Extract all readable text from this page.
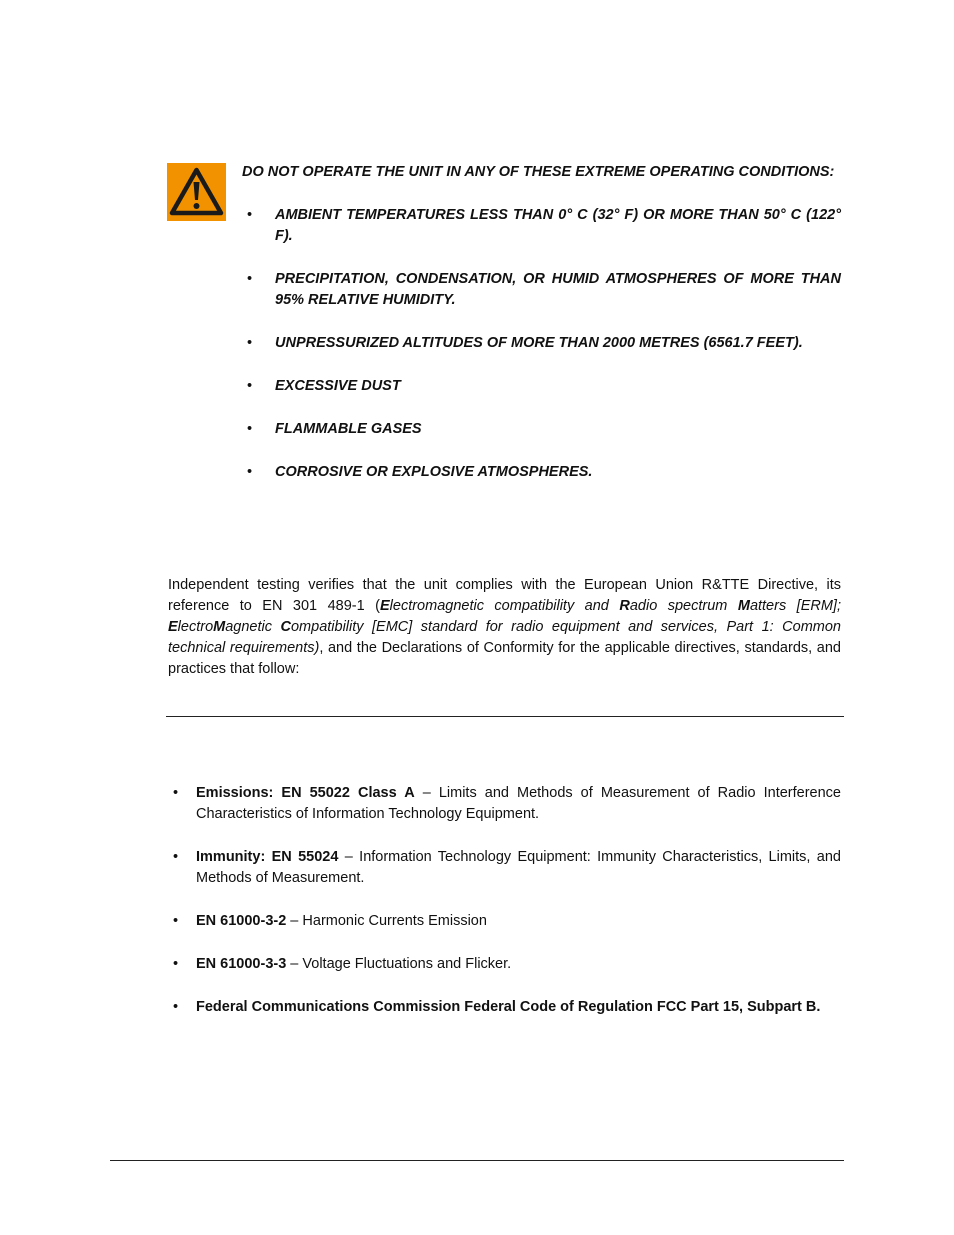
DO NOT OPERATE THE UNIT IN ANY OF THESE EXTREME OPERATING CONDITIONS:

• AMBIENT TEMPERATURES LESS THAN 0° C (32° F) OR MORE THAN 50° C (122° F).
• PRECIPITATION, CONDENSATION, OR HUMID ATMOSPHERES OF MORE THAN 95% RELATIVE HUMIDITY.
• UNPRESSURIZED ALTITUDES OF MORE THAN 2000 METRES (6561.7 FEET).
• EXCESSIVE DUST
• FLAMMABLE GASES
• CORROSIVE OR EXPLOSIVE ATMOSPHERES.

Independent testing verifies that the unit complies with the European Union R&TTE Directive, its reference to EN 301 489-1 (Electromagnetic compatibility and Radio spectrum Matters [ERM]; ElectroMagnetic Compatibility [EMC] standard for radio equipment and services, Part 1: Common technical requirements), and the Declarations of Conformity for the applicable directives, standards, and practices that follow:

• Emissions: EN 55022 Class A – Limits and Methods of Measurement of Radio Interference Characteristics of Information Technology Equipment.
• Immunity: EN 55024 – Information Technology Equipment: Immunity Characteristics, Limits, and Methods of Measurement.
• EN 61000-3-2 – Harmonic Currents Emission
• EN 61000-3-3 – Voltage Fluctuations and Flicker.
• Federal Communications Commission Federal Code of Regulation FCC Part 15, Subpart B.
